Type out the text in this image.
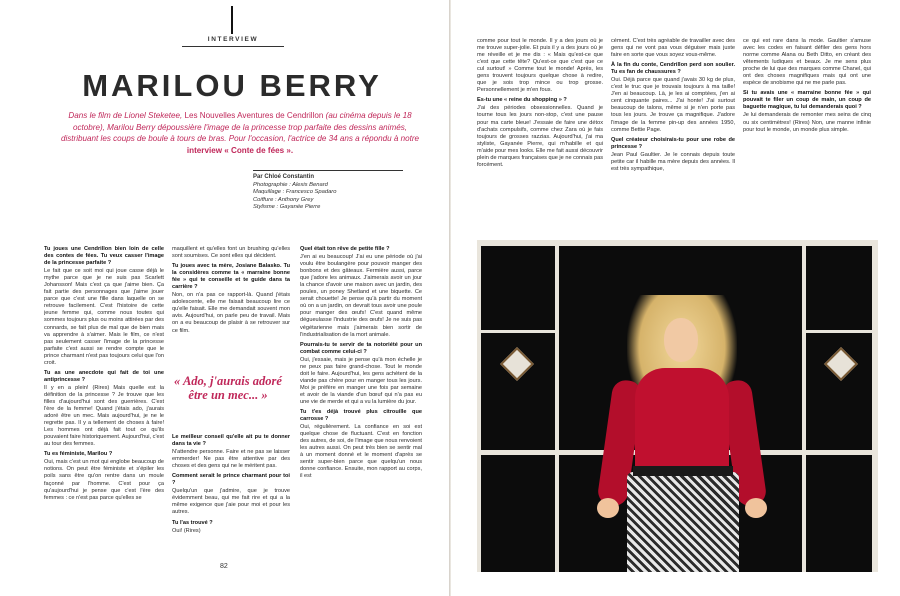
INTERVIEW
MARILOU BERRY
Dans le film de Lionel Steketee, Les Nouvelles Aventures de Cendrillon (au cinéma depuis le 18 octobre), Marilou Berry dépoussière l'image de la princesse trop parfaite des dessins animés, distribuant les coups de boule à tours de bras. Pour l'occasion, l'actrice de 34 ans a répondu à notre interview « Conte de fées ».
Par Chloé Constantin
Photographie : Alexis Benard
Maquillage : Francesco Spadaro
Coiffure : Anthony Grey
Stylisme : Gayanée Pierre

Tu joues une Cendrillon bien loin de celle des contes de fées. Tu veux casser l'image de la princesse parfaite ?

Le fait que ce soit moi qui joue casse déjà le mythe parce que je ne suis pas Scarlett Johansson! Mais c'est ça que j'aime bien. Ça fait partie des personnages que j'aime jouer parce que c'est une fille dans laquelle on se retrouve facilement. C'est l'histoire de cette jeune femme qui, comme nous toutes qui sommes toujours plus ou moins attirées par des connards, se fait plus de mal que de bien mais va apprendre à s'aimer. Mais le film, ce n'est pas seulement casser l'image de la princesse parfaite c'est aussi se rendre compte que le prince charmant n'est pas toujours celui que l'on croit.

Tu as une anecdote qui fait de toi une antiprincesse ?

Il y en a plein! (Rires) Mais quelle est la définition de la princesse ? Je trouve que les filles d'aujourd'hui sont des guerrières. C'est l'ère de la femme! Quand j'étais ado, j'aurais adoré être un mec. Mais aujourd'hui, je ne le regrette pas. Il y a tellement de choses à faire! Les hommes ont déjà fait tout ce qu'ils pouvaient faire historiquement. Aujourd'hui, c'est au tour des femmes.

Tu es féministe, Marilou ?

Oui, mais c'est un mot qui englobe beaucoup de notions. On peut être féministe et s'épiler les poils sans être qu'on rentre dans un moule façonné par l'homme. C'est pour ça qu'aujourd'hui je pense que c'est l'ère des femmes : ce n'est pas parce qu'elles se

maquillent et qu'elles font un brushing qu'elles sont soumises. Ce sont elles qui décident.

Tu joues avec ta mère, Josiane Balasko. Tu la considères comme ta « marraine bonne fée » qui te conseille et te guide dans ta carrière ?

Non, on n'a pas ce rapport-là. Quand j'étais adolescente, elle me faisait beaucoup lire ce qu'elle faisait. Elle me demandait souvent mon avis. Aujourd'hui, on parle peu de travail. Mais on a eu beaucoup de plaisir à se retrouver sur ce film.

« Ado, j'aurais adoré être un mec... »

Le meilleur conseil qu'elle ait pu te donner dans ta vie ?

N'attendre personne. Faire et ne pas se laisser emmerder! Ne pas être attentive par des choses et des gens qui ne le méritent pas.

Comment serait le prince charmant pour toi ?

Quelqu'un que j'admire, que je trouve évidemment beau, qui me fait rire et qui a la même exigence que j'aie pour moi et pour les autres.

Tu l'as trouvé ?

Oui! (Rires)

Quel était ton rêve de petite fille ?

J'en ai eu beaucoup! J'ai eu une période où j'ai voulu être boulangère pour pouvoir manger des bonbons et des gâteaux. Fermière aussi, parce que j'adore les animaux. J'aimerais avoir un jour la chance d'avoir une maison avec un jardin, des poules, un poney Shetland et une biquette. Ce serait chouette! Je pense qu'à partir du moment où on a un jardin, on devrait tous avoir une poule pour manger des œufs! C'est quand même dégueulasse l'industrie des œufs! Je ne suis pas végétarienne mais j'aimerais bien sortir de l'industrialisation de la mort animale.

Pourrais-tu te servir de ta notoriété pour un combat comme celui-ci ?

Oui, j'essaie, mais je pense qu'à mon échelle je ne peux pas faire grand-chose. Tout le monde doit le faire. Aujourd'hui, les gens achètent de la viande pas chère pour en manger tous les jours. Moi je préfère en manger une fois par semaine et avoir de la viande d'un bœuf qui n'a pas eu une vie de merde et qui a vu la lumière du jour.

Tu t'es déjà trouvé plus citrouille que carrosse ?

Oui, régulièrement. La confiance en soi est quelque chose de fluctuant. C'est en fonction des autres, de soi, de l'image que nous renvoient les autres aussi. On peut très bien se sentir mal à un moment donné et le moment d'après se sentir super-bien parce que quelqu'un nous donne confiance. Ensuite, mon rapport au corps, il est

82

comme pour tout le monde. Il y a des jours où je me trouve super-jolie. Et puis il y a des jours où je me réveille et je me dis : « Mais qu'est-ce que c'est que cette tête? Qu'est-ce que c'est que ce cul surtout! » Comme tout le monde! Après, les gens trouvent toujours quelque chose à redire, que je sois trop mince ou trop grosse. Personnellement je m'en fous.

Es-tu une « reine du shopping » ?

J'ai des périodes obsessionnelles. Quand je tourne tous les jours non-stop, c'est une pause pour ma carte bleue! J'essaie de faire une détox d'achats compulsifs, comme chez Zara où je fais toujours de grosses razzias. Aujourd'hui, j'ai ma styliste, Gayanée Pierre, qui m'habille et qui m'aide pour mes looks. Elle me fait aussi découvrir plein de marques françaises que je ne connais pas forcément.

cément. C'est très agréable de travailler avec des gens qui ne vont pas vous déguiser mais juste faire en sorte que vous soyez vous-même.

À la fin du conte, Cendrillon perd son soulier. Tu es fan de chaussures ?

Oui. Déjà parce que quand j'avais 30 kg de plus, c'est le truc que je trouvais toujours à ma taille! J'en ai beaucoup. Là, je les ai comptées, j'en ai cent cinquante paires... J'ai honte! J'ai surtout beaucoup de talons, même si je n'en porte pas tous les jours. Je trouve ça magnifique. J'adore l'image de la femme pin-up des années 1950, comme Bettie Page.

Quel créateur choisirais-tu pour une robe de princesse ?

Jean Paul Gaultier. Je le connais depuis toute petite car il habille ma mère depuis des années. Il est très sympathique,

ce qui est rare dans la mode. Gaultier s'amuse avec les codes en faisant défiler des gens hors norme comme Alana ou Beth Ditto, en créant des vêtements ludiques et beaux. Je me sens plus proche de lui que des marques comme Chanel, qui ont des choses magnifiques mais qui ont une espèce de snobisme qui ne me parle pas.

Si tu avais une « marraine bonne fée » qui pouvait te filer un coup de main, un coup de baguette magique, tu lui demanderais quoi ?

Je lui demanderais de remonter mes seins de cinq ou six centimètres! (Rires) Non, une manne infinie pour tout le monde, un monde plus simple.
